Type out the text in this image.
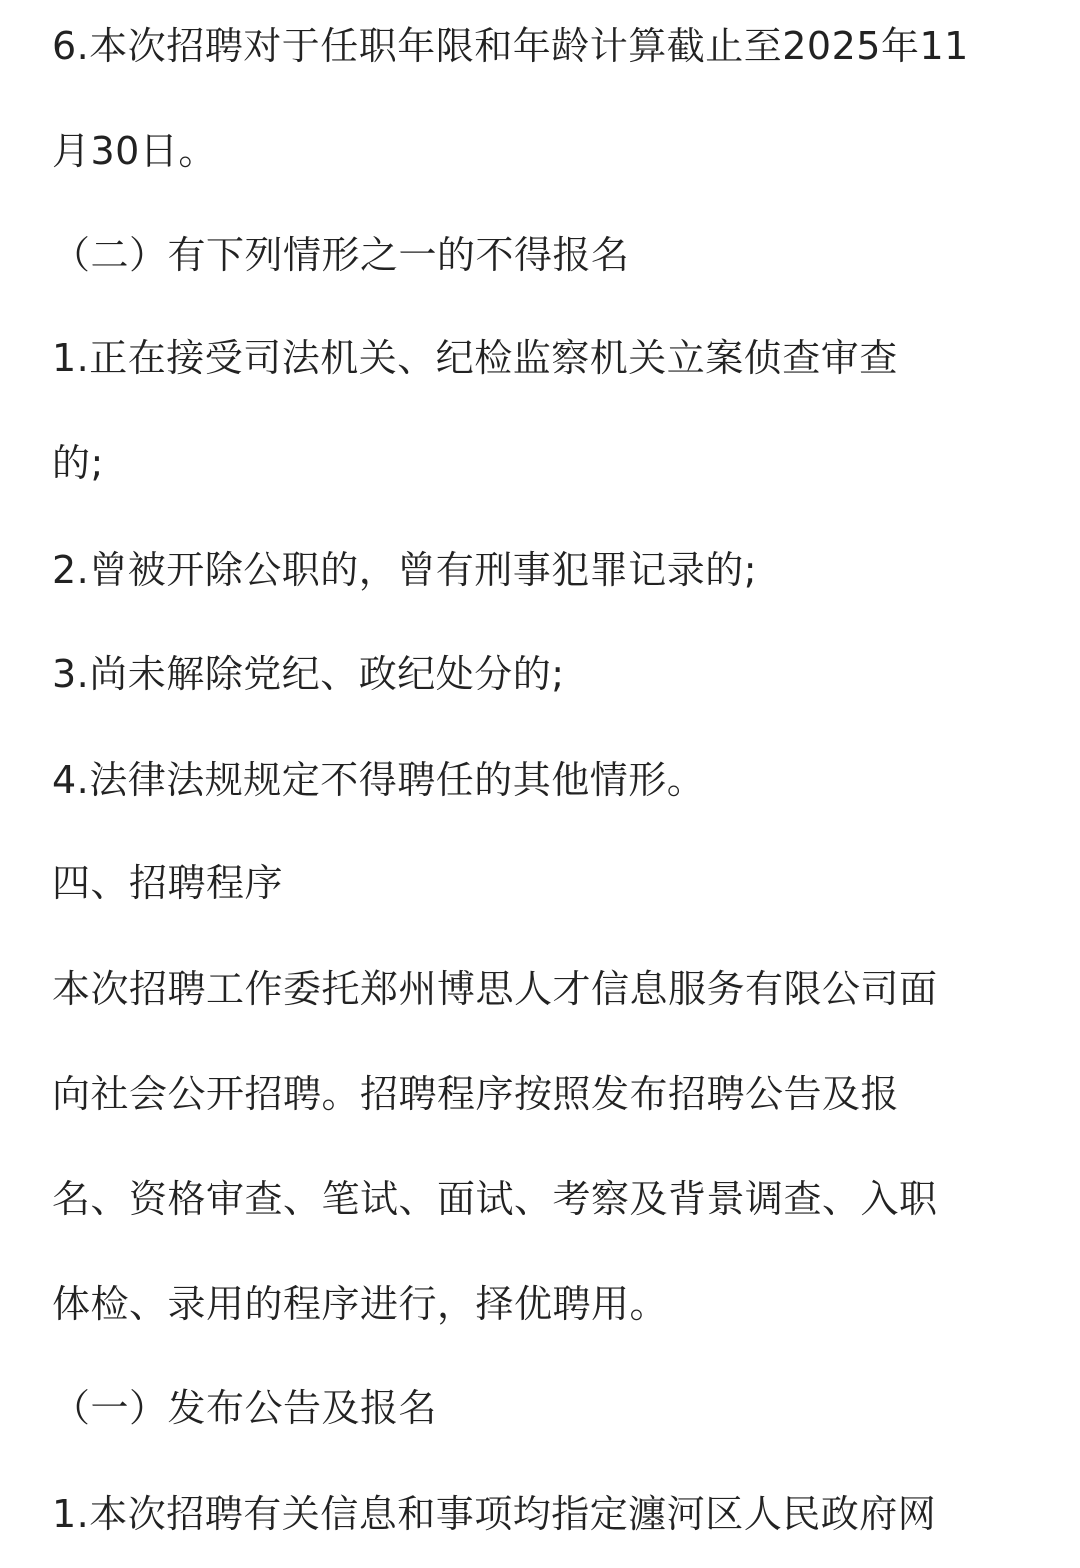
6.本次招聘对于任职年限和年龄计算截止至2025年11
月30日。
（二）有下列情形之一的不得报名
1.正在接受司法机关、纪检监察机关立案侦查审查
的;
2.曾被开除公职的，曾有刑事犯罪记录的;
3.尚未解除党纪、政纪处分的;
4.法律法规规定不得聘任的其他情形。
四、招聘程序
本次招聘工作委托郑州博思人才信息服务有限公司面
向社会公开招聘。招聘程序按照发布招聘公告及报
名、资格审查、笔试、面试、考察及背景调查、入职
体检、录用的程序进行，择优聘用。
（一）发布公告及报名
1.本次招聘有关信息和事项均指定瀍河区人民政府网
